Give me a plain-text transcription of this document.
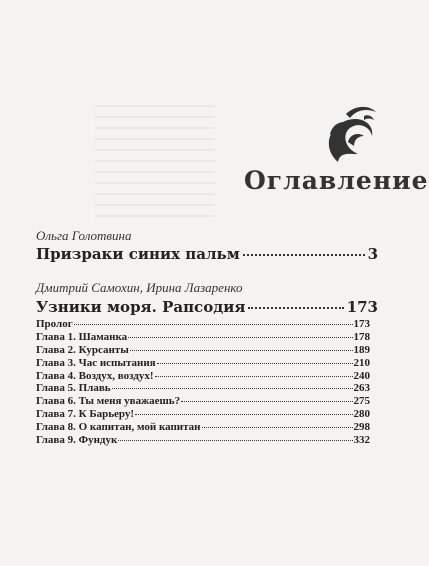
Оглавление
Ольга Голотвина
Призраки синих пальм	3
Дмитрий Самохин, Ирина Лазаренко
Узники моря. Рапсодия	173
Пролог	173
Глава 1. Шаманка	178
Глава 2. Курсанты	189
Глава 3. Час испытания	210
Глава 4. Воздух, воздух!	240
Глава 5. Плавь	263
Глава 6. Ты меня уважаешь?	275
Глава 7. К Барьеру!	280
Глава 8. О капитан, мой капитан	298
Глава 9. Фундук	332
